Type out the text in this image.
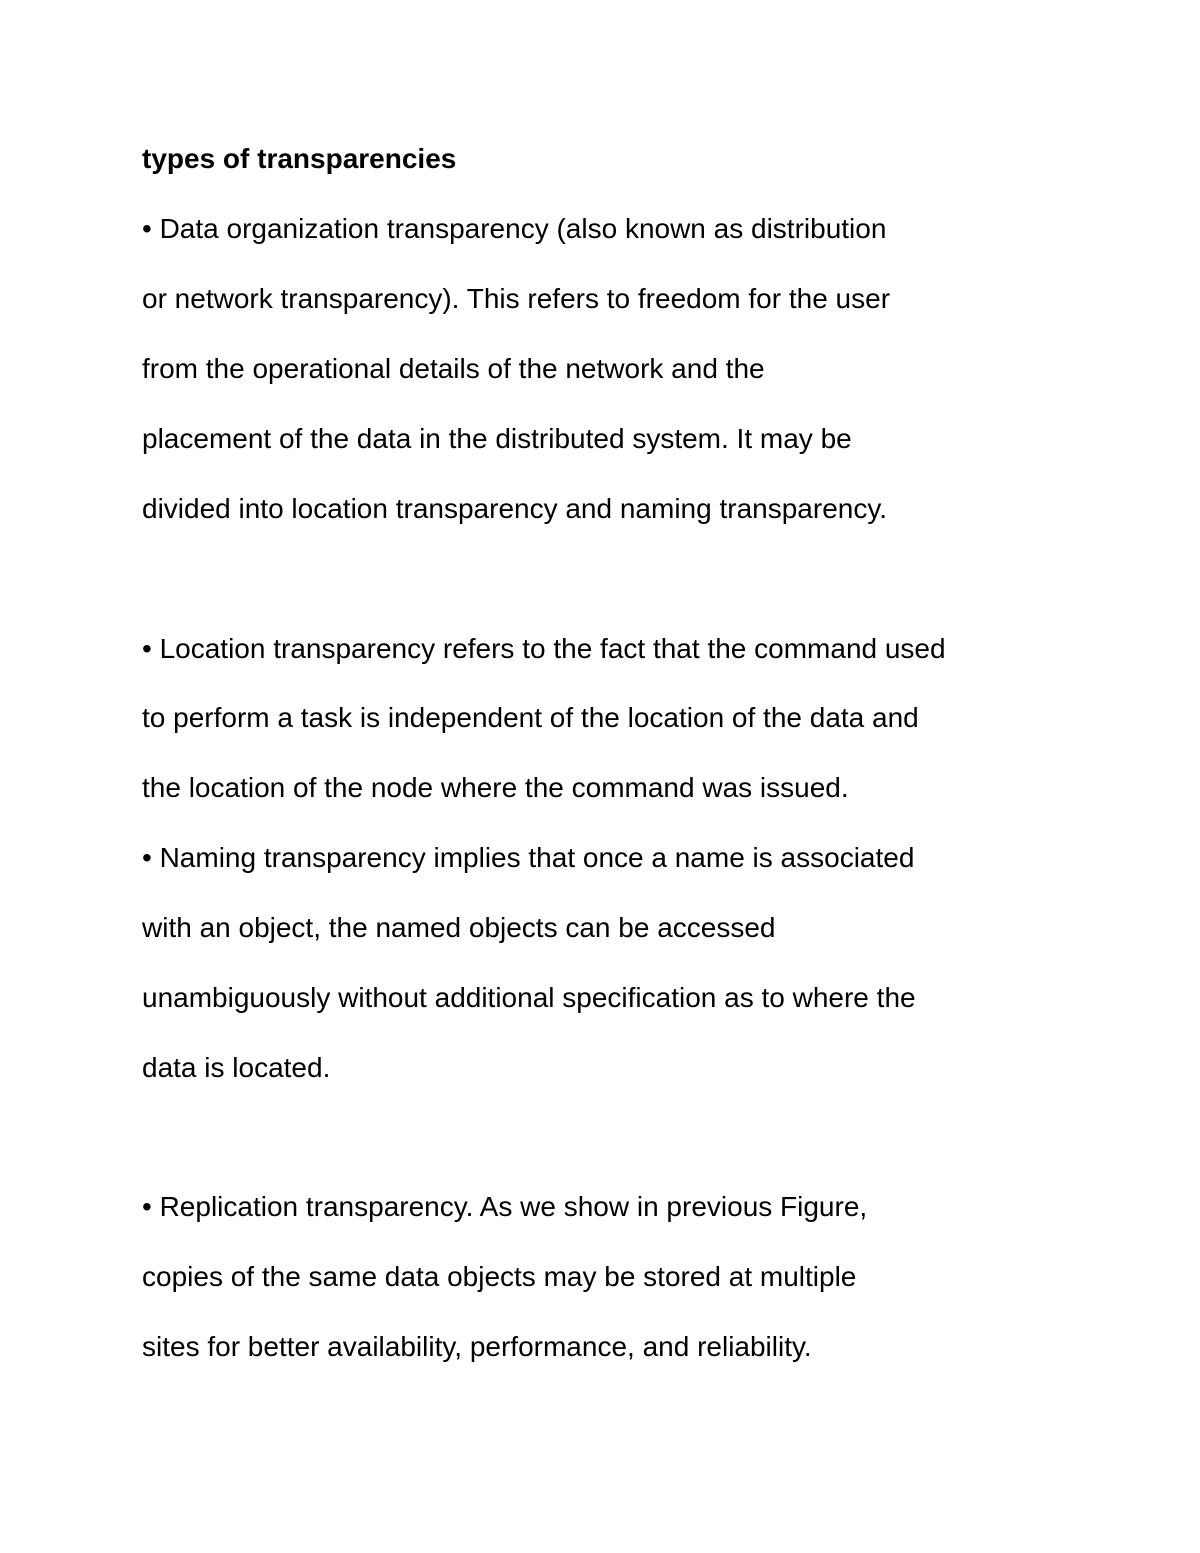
types of transparencies

• Data organization transparency (also known as distribution

or network transparency). This refers to freedom for the user

from the operational details of the network and the

placement of the data in the distributed system. It may be

divided into location transparency and naming transparency.

• Location transparency refers to the fact that the command used

to perform a task is independent of the location of the data and

the location of the node where the command was issued.

• Naming transparency implies that once a name is associated

with an object, the named objects can be accessed

unambiguously without additional specification as to where the

data is located.

• Replication transparency. As we show in previous Figure,

copies of the same data objects may be stored at multiple

sites for better availability, performance, and reliability.
